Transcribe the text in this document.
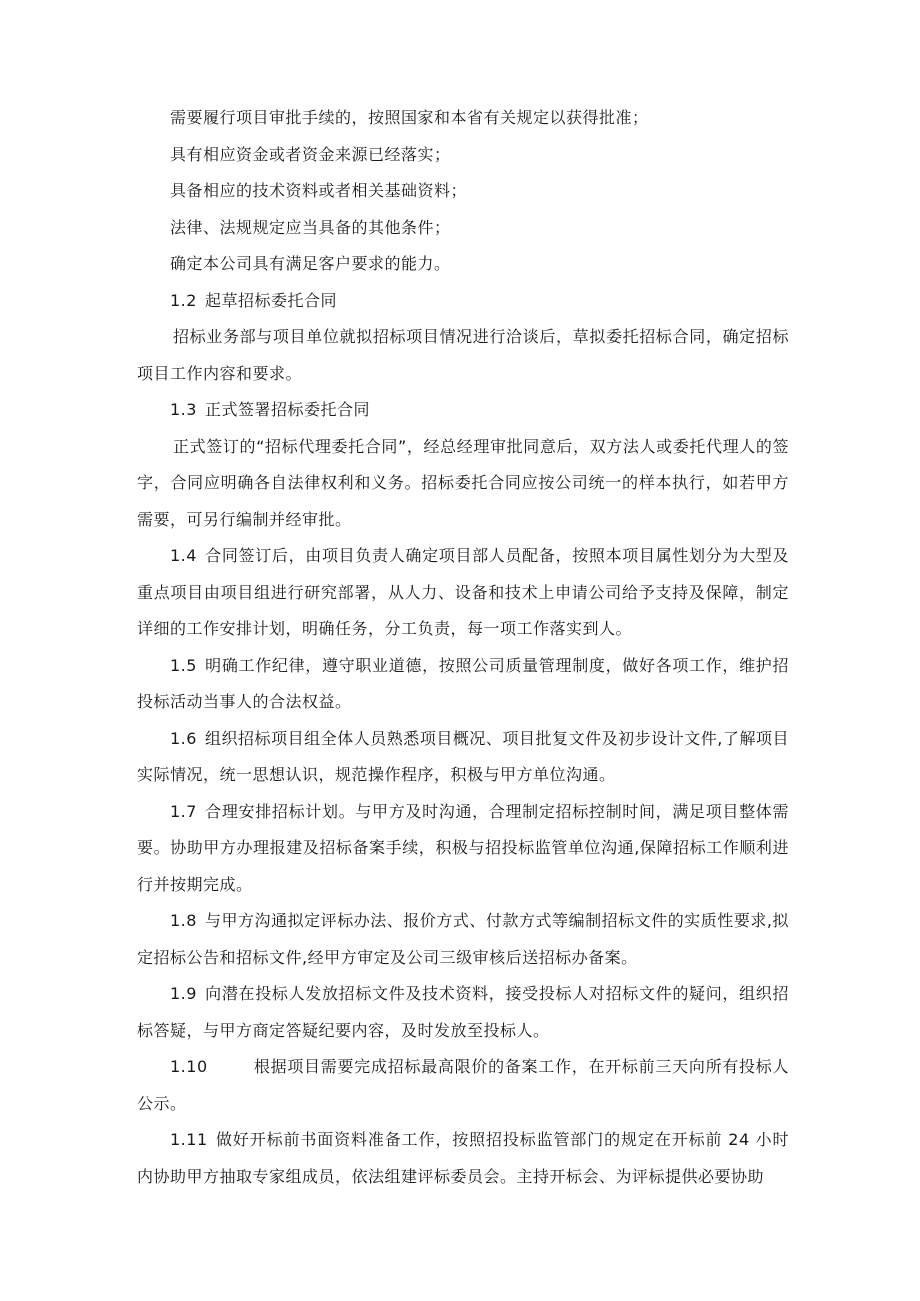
需要履行项目审批手续的，按照国家和本省有关规定以获得批准；

具有相应资金或者资金来源已经落实；

具备相应的技术资料或者相关基础资料；

法律、法规规定应当具备的其他条件；

确定本公司具有满足客户要求的能力。

1.2 起草招标委托合同

招标业务部与项目单位就拟招标项目情况进行洽谈后，草拟委托招标合同，确定招标项目工作内容和要求。

1.3 正式签署招标委托合同

正式签订的“招标代理委托合同”，经总经理审批同意后，双方法人或委托代理人的签字，合同应明确各自法律权利和义务。招标委托合同应按公司统一的样本执行，如若甲方需要，可另行编制并经审批。

1.4 合同签订后，由项目负责人确定项目部人员配备，按照本项目属性划分为大型及重点项目由项目组进行研究部署，从人力、设备和技术上申请公司给予支持及保障，制定详细的工作安排计划，明确任务，分工负责，每一项工作落实到人。

1.5 明确工作纪律，遵守职业道德，按照公司质量管理制度，做好各项工作，维护招投标活动当事人的合法权益。

1.6 组织招标项目组全体人员熟悉项目概况、项目批复文件及初步设计文件,了解项目实际情况，统一思想认识，规范操作程序，积极与甲方单位沟通。

1.7 合理安排招标计划。与甲方及时沟通，合理制定招标控制时间，满足项目整体需要。协助甲方办理报建及招标备案手续，积极与招投标监管单位沟通,保障招标工作顺利进行并按期完成。

1.8 与甲方沟通拟定评标办法、报价方式、付款方式等编制招标文件的实质性要求,拟定招标公告和招标文件,经甲方审定及公司三级审核后送招标办备案。

1.9 向潜在投标人发放招标文件及技术资料，接受投标人对招标文件的疑问，组织招标答疑，与甲方商定答疑纪要内容，及时发放至投标人。

1.10	根据项目需要完成招标最高限价的备案工作，在开标前三天向所有投标人公示。

1.11 做好开标前书面资料准备工作，按照招投标监管部门的规定在开标前 24 小时内协助甲方抽取专家组成员，依法组建评标委员会。主持开标会、为评标提供必要协助
